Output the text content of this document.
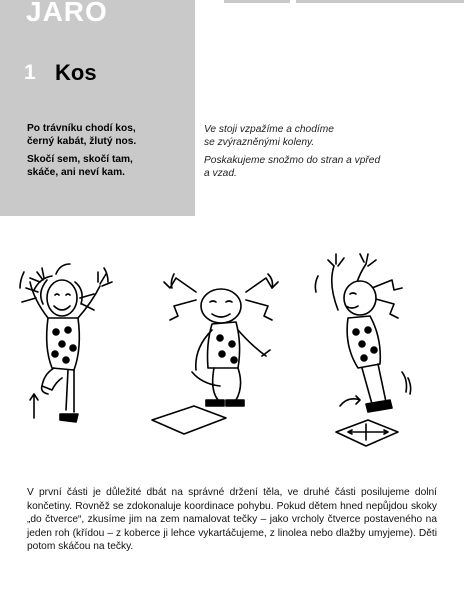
JARO
1 Kos
Po trávníku chodí kos,
černý kabát, žlutý nos.
Skočí sem, skočí tam,
skáče, ani neví kam.
Ve stoji vzpažíme a chodíme
se zvýrazněnými koleny.
Poskakujeme snožmo do stran a vpřed
a vzad.
V první části je důležité dbát na správné držení těla, ve druhé části posilujeme dolní končetiny. Rovněž se zdokonaluje koordinace pohybu. Pokud dětem hned nepůjdou skoky „do čtverce“, zkusíme jim na zem namalovat tečky – jako vrcholy čtverce postaveného na jeden roh (křídou – z koberce ji lehce vykartáčujeme, z linolea nebo dlažby umyjeme). Děti potom skáčou na tečky.
